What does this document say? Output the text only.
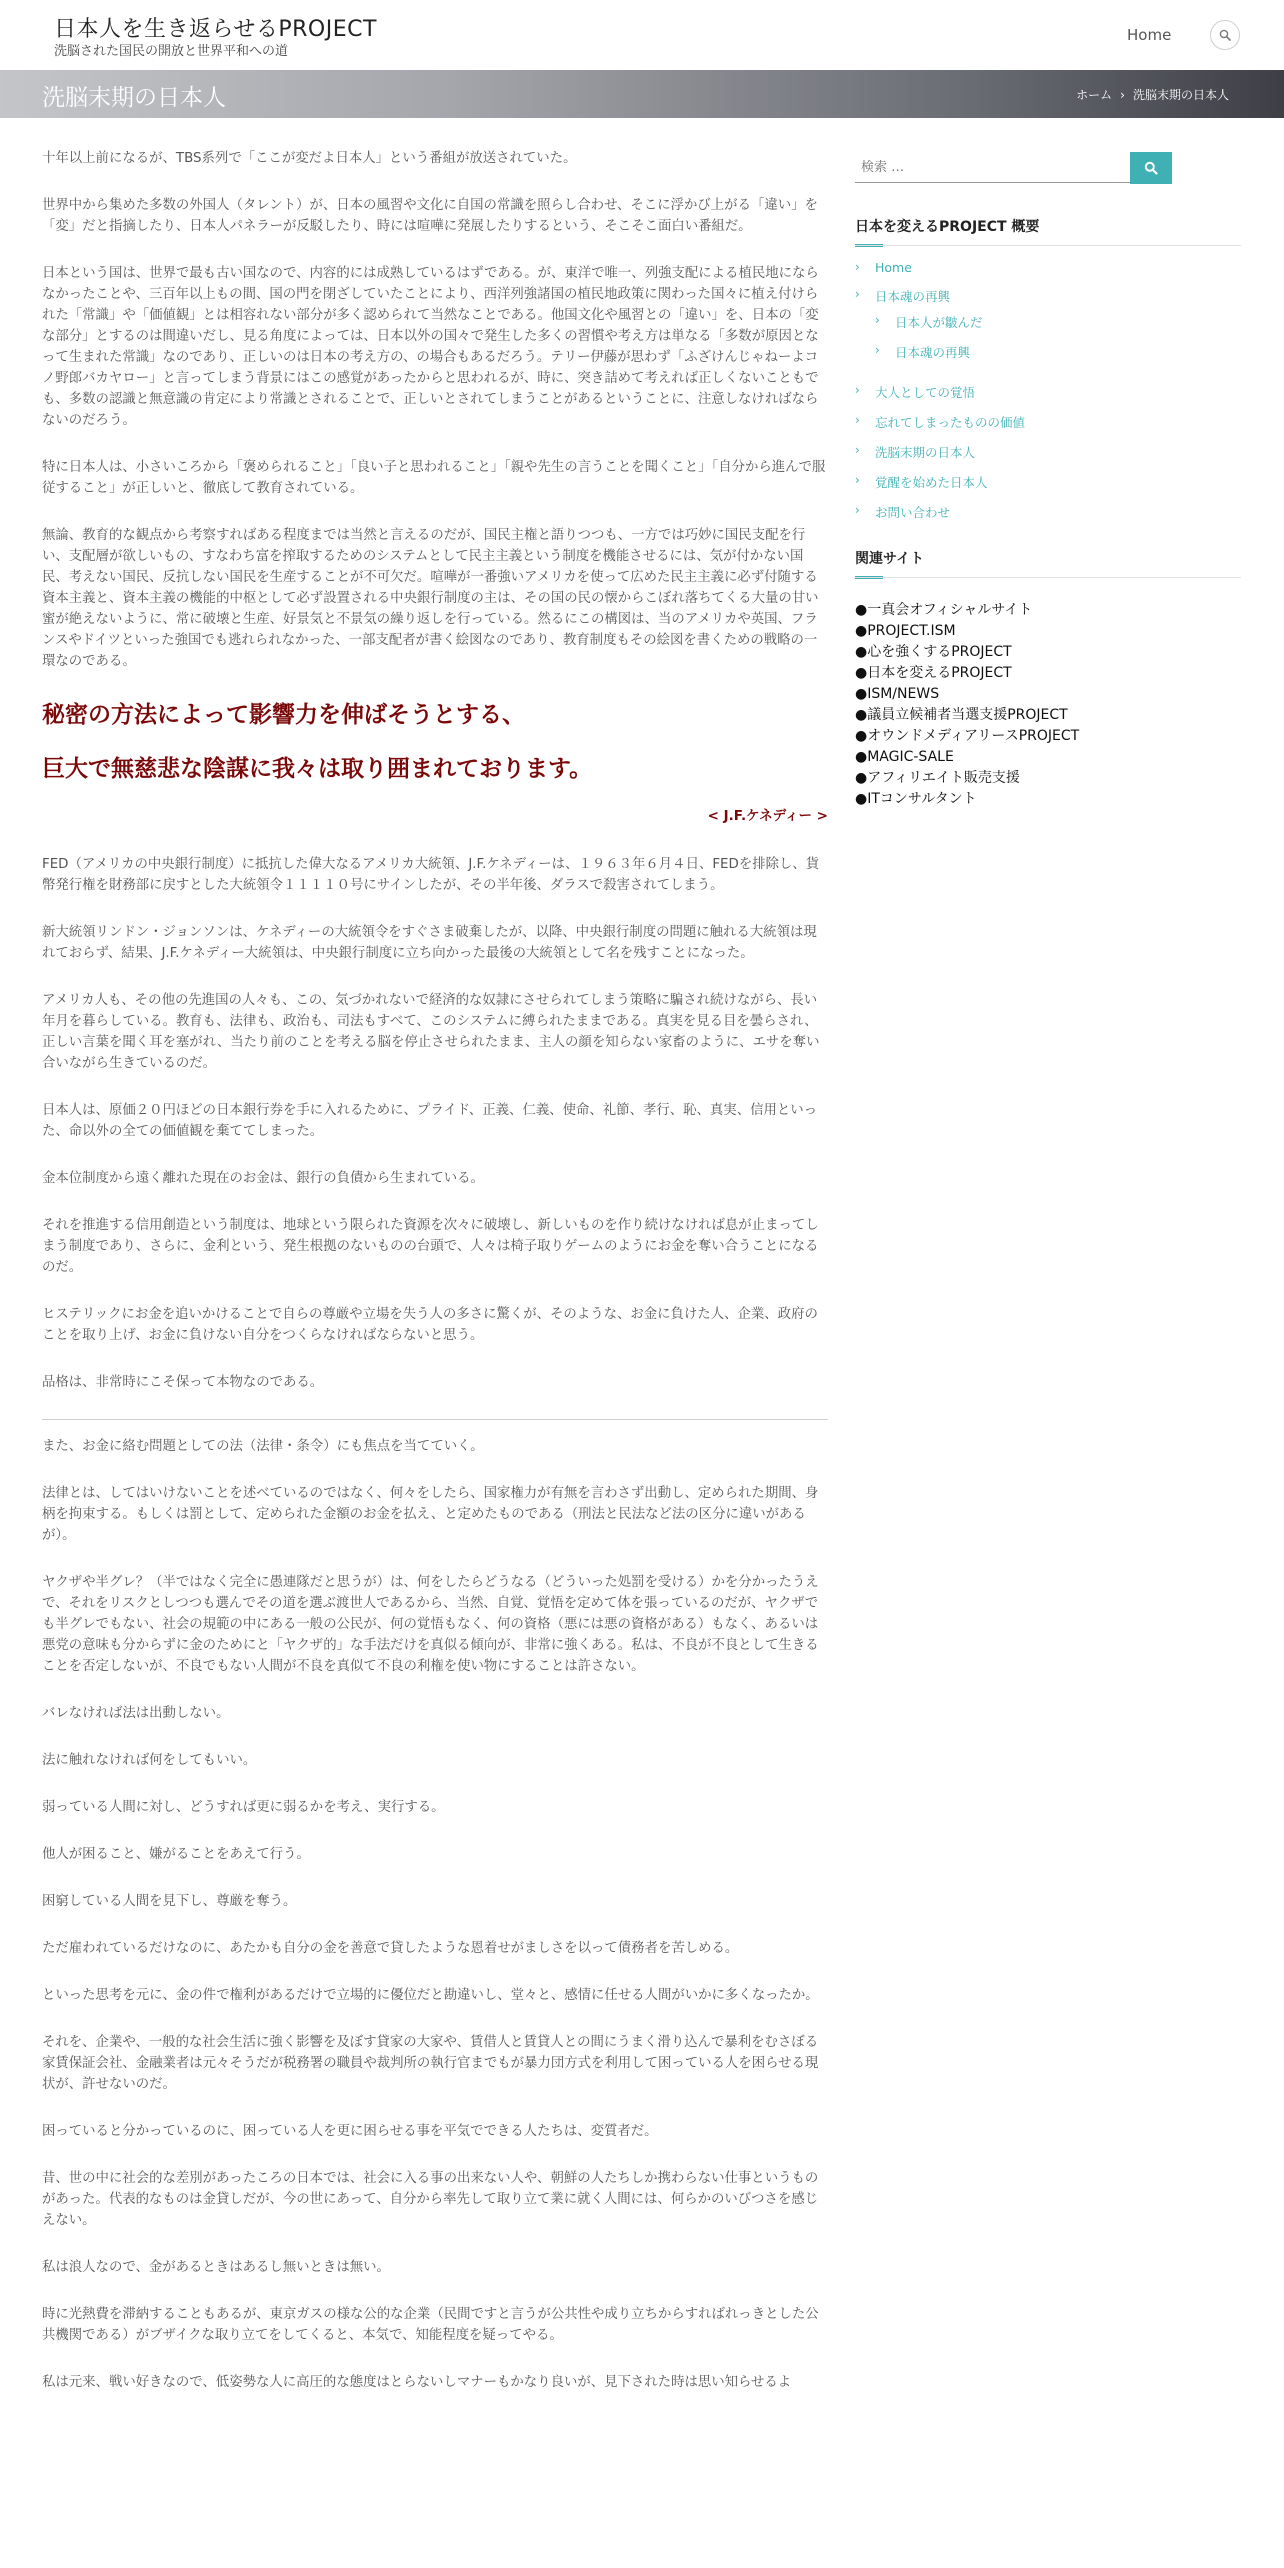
日本人を生き返らせるPROJECT
洗脳された国民の開放と世界平和への道
Home
洗脳末期の日本人	ホーム › 洗脳末期の日本人

十年以上前になるが、TBS系列で「ここが変だよ日本人」という番組が放送されていた。

世界中から集めた多数の外国人（タレント）が、日本の風習や文化に自国の常識を照らし合わせ、そこに浮かび上がる「違い」を「変」だと指摘したり、日本人パネラーが反駁したり、時には喧嘩に発展したりするという、そこそこ面白い番組だ。

日本という国は、世界で最も古い国なので、内容的には成熟しているはずである。が、東洋で唯一、列強支配による植民地にならなかったことや、三百年以上もの間、国の門を閉ざしていたことにより、西洋列強諸国の植民地政策に関わった国々に植え付けられた「常識」や「価値観」とは相容れない部分が多く認められて当然なことである。他国文化や風習との「違い」を、日本の「変な部分」とするのは間違いだし、見る角度によっては、日本以外の国々で発生した多くの習慣や考え方は単なる「多数が原因となって生まれた常識」なのであり、正しいのは日本の考え方の、の場合もあるだろう。テリー伊藤が思わず「ふざけんじゃねーよコノ野郎バカヤロー」と言ってしまう背景にはこの感覚があったからと思われるが、時に、突き詰めて考えれば正しくないこともでも、多数の認識と無意識の肯定により常識とされることで、正しいとされてしまうことがあるということに、注意しなければならないのだろう。

特に日本人は、小さいころから「褒められること」「良い子と思われること」「親や先生の言うことを聞くこと」「自分から進んで服従すること」が正しいと、徹底して教育されている。

無論、教育的な観点から考察すればある程度までは当然と言えるのだが、国民主権と語りつつも、一方では巧妙に国民支配を行い、支配層が欲しいもの、すなわち富を搾取するためのシステムとして民主主義という制度を機能させるには、気が付かない国民、考えない国民、反抗しない国民を生産することが不可欠だ。喧嘩が一番強いアメリカを使って広めた民主主義に必ず付随する資本主義と、資本主義の機能的中枢として必ず設置される中央銀行制度の主は、その国の民の懐からこぼれ落ちてくる大量の甘い蜜が絶えないように、常に破壊と生産、好景気と不景気の繰り返しを行っている。然るにこの構図は、当のアメリカや英国、フランスやドイツといった強国でも逃れられなかった、一部支配者が書く絵図なのであり、教育制度もその絵図を書くための戦略の一環なのである。

秘密の方法によって影響力を伸ばそうとする、
巨大で無慈悲な陰謀に我々は取り囲まれております。
< J.F.ケネディー >

FED（アメリカの中央銀行制度）に抵抗した偉大なるアメリカ大統領、J.F.ケネディーは、１９６３年６月４日、FEDを排除し、貨幣発行権を財務部に戻すとした大統領令１１１１０号にサインしたが、その半年後、ダラスで殺害されてしまう。

新大統領リンドン・ジョンソンは、ケネディーの大統領令をすぐさま破棄したが、以降、中央銀行制度の問題に触れる大統領は現れておらず、結果、J.F.ケネディー大統領は、中央銀行制度に立ち向かった最後の大統領として名を残すことになった。

アメリカ人も、その他の先進国の人々も、この、気づかれないで経済的な奴隷にさせられてしまう策略に騙され続けながら、長い年月を暮らしている。教育も、法律も、政治も、司法もすべて、このシステムに縛られたままである。真実を見る目を曇らされ、正しい言葉を聞く耳を塞がれ、当たり前のことを考える脳を停止させられたまま、主人の顔を知らない家畜のように、エサを奪い合いながら生きているのだ。

日本人は、原価２０円ほどの日本銀行券を手に入れるために、プライド、正義、仁義、使命、礼節、孝行、恥、真実、信用といった、命以外の全ての価値観を棄ててしまった。

金本位制度から遠く離れた現在のお金は、銀行の負債から生まれている。

それを推進する信用創造という制度は、地球という限られた資源を次々に破壊し、新しいものを作り続けなければ息が止まってしまう制度であり、さらに、金利という、発生根拠のないものの台頭で、人々は椅子取りゲームのようにお金を奪い合うことになるのだ。

ヒステリックにお金を追いかけることで自らの尊厳や立場を失う人の多さに驚くが、そのような、お金に負けた人、企業、政府のことを取り上げ、お金に負けない自分をつくらなければならないと思う。

品格は、非常時にこそ保って本物なのである。

また、お金に絡む問題としての法（法律・条令）にも焦点を当てていく。

法律とは、してはいけないことを述べているのではなく、何々をしたら、国家権力が有無を言わさず出動し、定められた期間、身柄を拘束する。もしくは罰として、定められた金額のお金を払え、と定めたものである（刑法と民法など法の区分に違いがあるが）。

ヤクザや半グレ？（半ではなく完全に愚連隊だと思うが）は、何をしたらどうなる（どういった処罰を受ける）かを分かったうえで、それをリスクとしつつも選んでその道を選ぶ渡世人であるから、当然、自覚、覚悟を定めて体を張っているのだが、ヤクザでも半グレでもない、社会の規範の中にある一般の公民が、何の覚悟もなく、何の資格（悪には悪の資格がある）もなく、あるいは悪党の意味も分からずに金のためにと「ヤクザ的」な手法だけを真似る傾向が、非常に強くある。私は、不良が不良として生きることを否定しないが、不良でもない人間が不良を真似て不良の利権を使い物にすることは許さない。

バレなければ法は出動しない。

法に触れなければ何をしてもいい。

弱っている人間に対し、どうすれば更に弱るかを考え、実行する。

他人が困ること、嫌がることをあえて行う。

困窮している人間を見下し、尊厳を奪う。

ただ雇われているだけなのに、あたかも自分の金を善意で貸したような恩着せがましさを以って債務者を苦しめる。

といった思考を元に、金の件で権利があるだけで立場的に優位だと勘違いし、堂々と、感情に任せる人間がいかに多くなったか。

それを、企業や、一般的な社会生活に強く影響を及ぼす貸家の大家や、賃借人と賃貸人との間にうまく滑り込んで暴利をむさぼる家賃保証会社、金融業者は元々そうだが税務署の職員や裁判所の執行官までもが暴力団方式を利用して困っている人を困らせる現状が、許せないのだ。

困っていると分かっているのに、困っている人を更に困らせる事を平気でできる人たちは、変質者だ。

昔、世の中に社会的な差別があったころの日本では、社会に入る事の出来ない人や、朝鮮の人たちしか携わらない仕事というものがあった。代表的なものは金貸しだが、今の世にあって、自分から率先して取り立て業に就く人間には、何らかのいびつさを感じえない。

私は浪人なので、金があるときはあるし無いときは無い。

時に光熱費を滞納することもあるが、東京ガスの様な公的な企業（民間ですと言うが公共性や成り立ちからすればれっきとした公共機関である）がブザイクな取り立てをしてくると、本気で、知能程度を疑ってやる。

私は元来、戦い好きなので、低姿勢な人に高圧的な態度はとらないしマナーもかなり良いが、見下された時は思い知らせるよ

検索 …
日本を変えるPROJECT 概要
› Home
› 日本魂の再興
› 日本人が皺んだ
› 日本魂の再興
› 大人としての覚悟
› 忘れてしまったものの価値
› 洗脳末期の日本人
› 覚醒を始めた日本人
› お問い合わせ
関連サイト
●一真会オフィシャルサイト
●PROJECT.ISM
●心を強くするPROJECT
●日本を変えるPROJECT
●ISM/NEWS
●議員立候補者当選支援PROJECT
●オウンドメディアリースPROJECT
●MAGIC-SALE
●アフィリエイト販売支援
●ITコンサルタント
